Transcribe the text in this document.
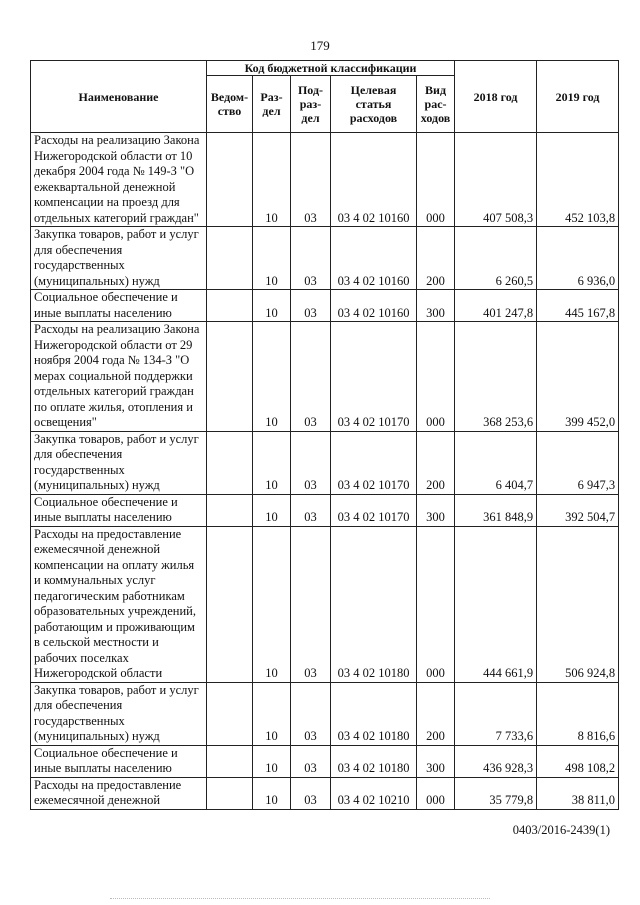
179
Наименование	Код бюджетной классификации					2018 год	2019 год
	Ведом-ство	Раз-дел	Под-раз-дел	Целевая статья расходов	Вид рас-ходов		
Расходы на реализацию Закона Нижегородской области от 10 декабря 2004 года № 149-З "О ежеквартальной денежной компенсации на проезд для отдельных категорий граждан"		10	03	03 4 02 10160	000	407 508,3	452 103,8
Закупка товаров, работ и услуг для обеспечения государственных (муниципальных) нужд		10	03	03 4 02 10160	200	6 260,5	6 936,0
Социальное обеспечение и иные выплаты населению		10	03	03 4 02 10160	300	401 247,8	445 167,8
Расходы на реализацию Закона Нижегородской области от 29 ноября 2004 года № 134-З "О мерах социальной поддержки отдельных категорий граждан по оплате жилья, отопления и освещения"		10	03	03 4 02 10170	000	368 253,6	399 452,0
Закупка товаров, работ и услуг для обеспечения государственных (муниципальных) нужд		10	03	03 4 02 10170	200	6 404,7	6 947,3
Социальное обеспечение и иные выплаты населению		10	03	03 4 02 10170	300	361 848,9	392 504,7
Расходы на предоставление ежемесячной денежной компенсации на оплату жилья и коммунальных услуг педагогическим работникам образовательных учреждений, работающим и проживающим в сельской местности и рабочих поселках Нижегородской области		10	03	03 4 02 10180	000	444 661,9	506 924,8
Закупка товаров, работ и услуг для обеспечения государственных (муниципальных) нужд		10	03	03 4 02 10180	200	7 733,6	8 816,6
Социальное обеспечение и иные выплаты населению		10	03	03 4 02 10180	300	436 928,3	498 108,2
Расходы на предоставление ежемесячной денежной		10	03	03 4 02 10210	000	35 779,8	38 811,0
0403/2016-2439(1)
